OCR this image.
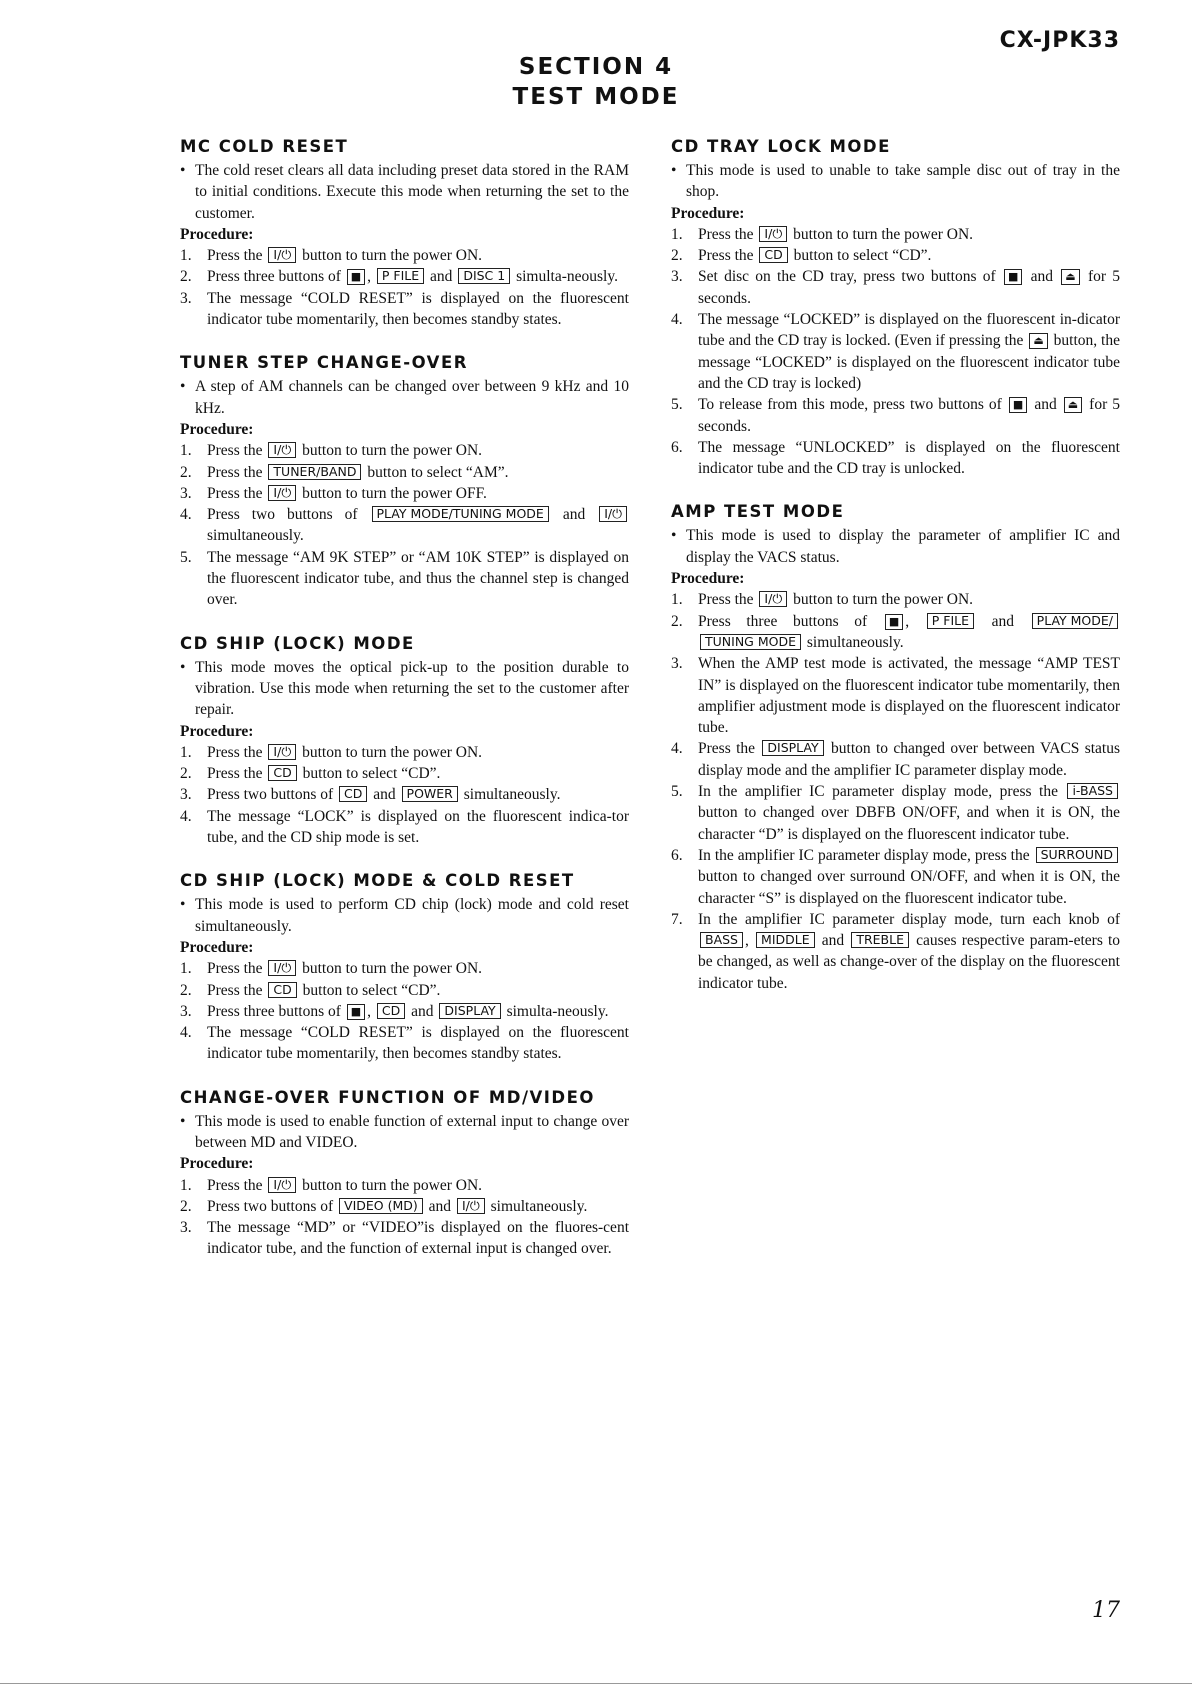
CX-JPK33
SECTION 4
TEST MODE
MC COLD RESET
• The cold reset clears all data including preset data stored in the RAM to initial conditions. Execute this mode when returning the set to the customer.
Procedure:
1. Press the I/⏻ button to turn the power ON.
2. Press three buttons of ■ , P FILE and DISC 1 simulta-neously.
3. The message “COLD RESET” is displayed on the fluorescent indicator tube momentarily, then becomes standby states.
TUNER STEP CHANGE-OVER
• A step of AM channels can be changed over between 9 kHz and 10 kHz.
Procedure:
1. Press the I/⏻ button to turn the power ON.
2. Press the TUNER/BAND button to select “AM”.
3. Press the I/⏻ button to turn the power OFF.
4. Press two buttons of PLAY MODE/TUNING MODE and I/⏻ simultaneously.
5. The message “AM 9K STEP” or “AM 10K STEP” is displayed on the fluorescent indicator tube, and thus the channel step is changed over.
CD SHIP (LOCK) MODE
• This mode moves the optical pick-up to the position durable to vibration. Use this mode when returning the set to the customer after repair.
Procedure:
1. Press the I/⏻ button to turn the power ON.
2. Press the CD button to select “CD”.
3. Press two buttons of CD and POWER simultaneously.
4. The message “LOCK” is displayed on the fluorescent indica-tor tube, and the CD ship mode is set.
CD SHIP (LOCK) MODE & COLD RESET
• This mode is used to perform CD chip (lock) mode and cold reset simultaneously.
Procedure:
1. Press the I/⏻ button to turn the power ON.
2. Press the CD button to select “CD”.
3. Press three buttons of ■ , CD and DISPLAY simulta-neously.
4. The message “COLD RESET” is displayed on the fluorescent indicator tube momentarily, then becomes standby states.
CHANGE-OVER FUNCTION OF MD/VIDEO
• This mode is used to enable function of external input to change over between MD and VIDEO.
Procedure:
1. Press the I/⏻ button to turn the power ON.
2. Press two buttons of VIDEO (MD) and I/⏻ simultaneously.
3. The message “MD” or “VIDEO”is displayed on the fluores-cent indicator tube, and the function of external input is changed over.
CD TRAY LOCK MODE
• This mode is used to unable to take sample disc out of tray in the shop.
Procedure:
1. Press the I/⏻ button to turn the power ON.
2. Press the CD button to select “CD”.
3. Set disc on the CD tray, press two buttons of ■ and ⏏ for 5 seconds.
4. The message “LOCKED” is displayed on the fluorescent in-dicator tube and the CD tray is locked. (Even if pressing the ⏏ button, the message “LOCKED” is displayed on the fluorescent indicator tube and the CD tray is locked)
5. To release from this mode, press two buttons of ■ and ⏏ for 5 seconds.
6. The message “UNLOCKED” is displayed on the fluorescent indicator tube and the CD tray is unlocked.
AMP TEST MODE
• This mode is used to display the parameter of amplifier IC and display the VACS status.
Procedure:
1. Press the I/⏻ button to turn the power ON.
2. Press three buttons of ■ , P FILE and PLAY MODE/ TUNING MODE simultaneously.
3. When the AMP test mode is activated, the message “AMP TEST IN” is displayed on the fluorescent indicator tube momentarily, then amplifier adjustment mode is displayed on the fluorescent indicator tube.
4. Press the DISPLAY button to changed over between VACS status display mode and the amplifier IC parameter display mode.
5. In the amplifier IC parameter display mode, press the i-BASS button to changed over DBFB ON/OFF, and when it is ON, the character “D” is displayed on the fluorescent indicator tube.
6. In the amplifier IC parameter display mode, press the SURROUND button to changed over surround ON/OFF, and when it is ON, the character “S” is displayed on the fluorescent indicator tube.
7. In the amplifier IC parameter display mode, turn each knob of BASS , MIDDLE and TREBLE causes respective param-eters to be changed, as well as change-over of the display on the fluorescent indicator tube.
17
